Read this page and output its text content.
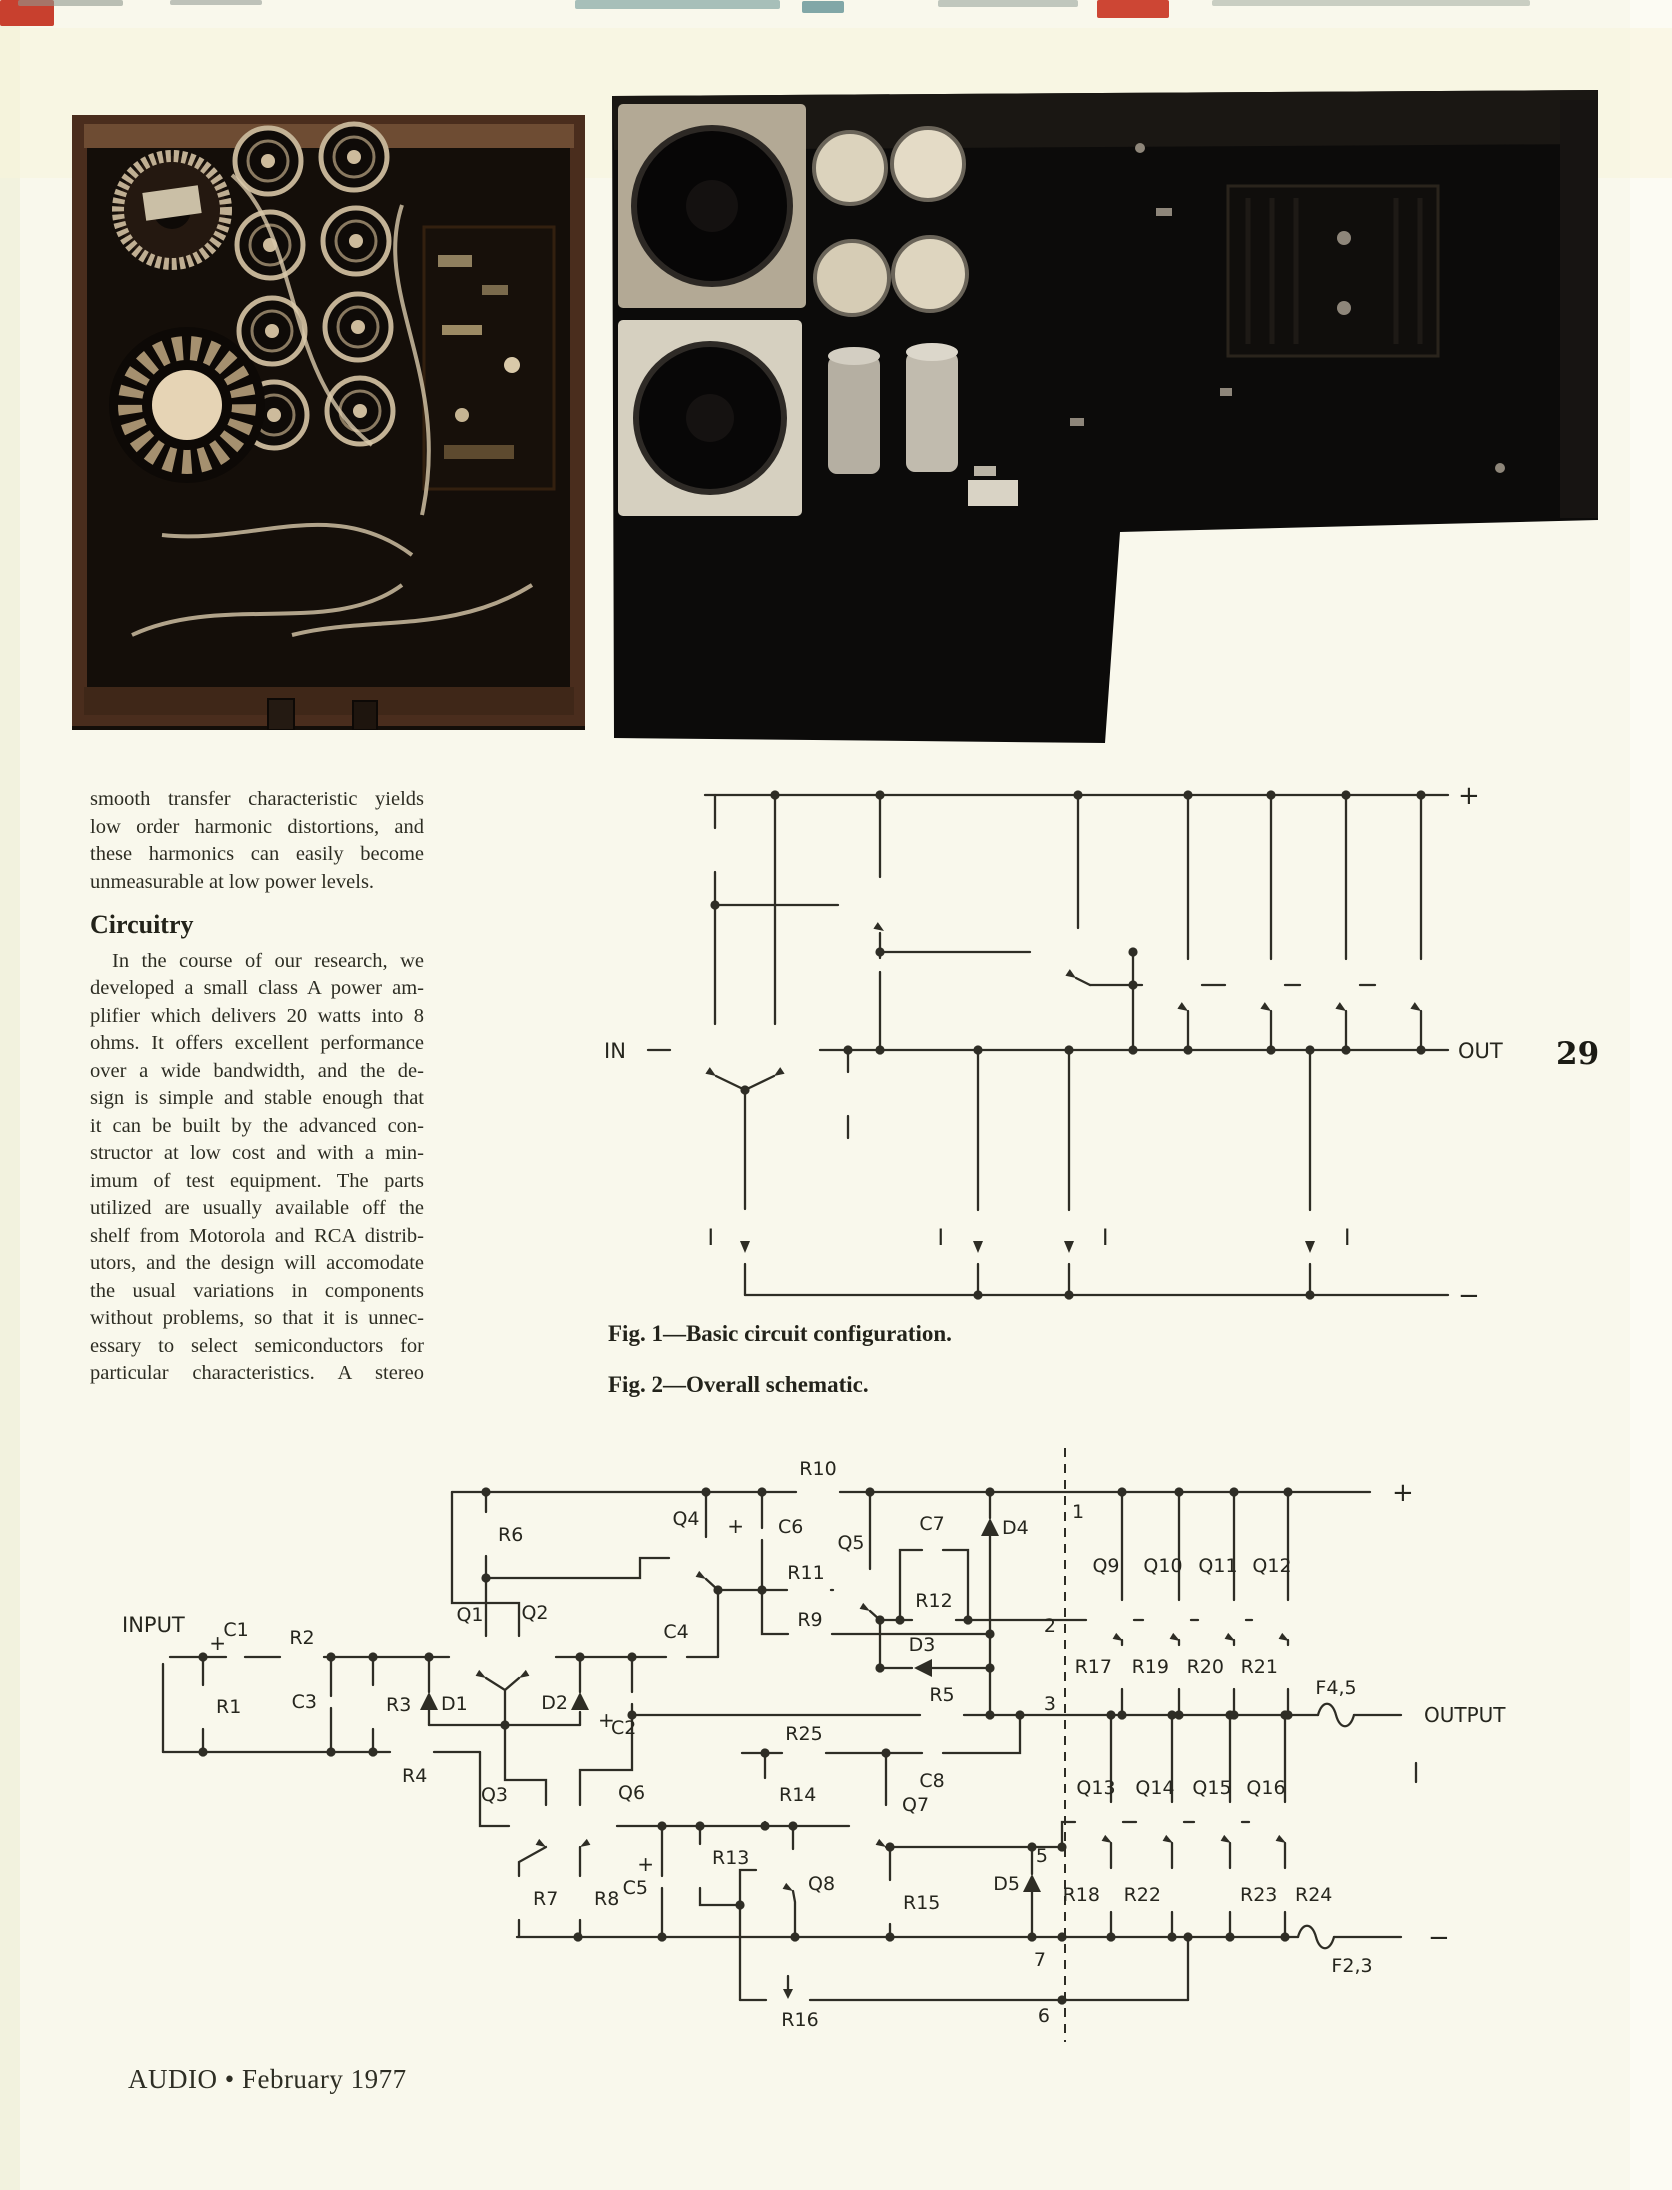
smooth transfer characteristic yields
low order harmonic distortions, and
these harmonics can easily become
unmeasurable at low power levels.
Circuitry
In the course of our research, we
developed a small class A power am-
plifier which delivers 20 watts into 8
ohms. It offers excellent performance
over a wide bandwidth, and the de-
sign is simple and stable enough that
it can be built by the advanced con-
structor at low cost and with a min-
imum of test equipment. The parts
utilized are usually available off the
shelf from Motorola and RCA distrib-
utors, and the design will accomodate
the usual variations in components
without problems, so that it is unnec-
essary to select semiconductors for
particular characteristics. A stereo
IN	OUT
+
−
I	I	I	I
Fig. 1—Basic circuit configuration.
Fig. 2—Overall schematic.
29
INPUT
+
C1 R2
R1	C3	R3 D1
Q1 Q2
R6
D2
+
C2
R4
C4
Q4 + C6
R10
R11
Q5
C7
R12
D4
R9
D3
R5
R25
C8
R14
Q3	Q6
R7 R8
+
C5
R13
Q8
R15
Q7
R16
D5
1
2
3
5
7
6
Q9 Q10 Q11 Q12
R17 R19 R20 R21
F4,5
OUTPUT
+
Q13 Q14 Q15 Q16
R18 R22	R23 R24
F2,3
−
AUDIO • February 1977
